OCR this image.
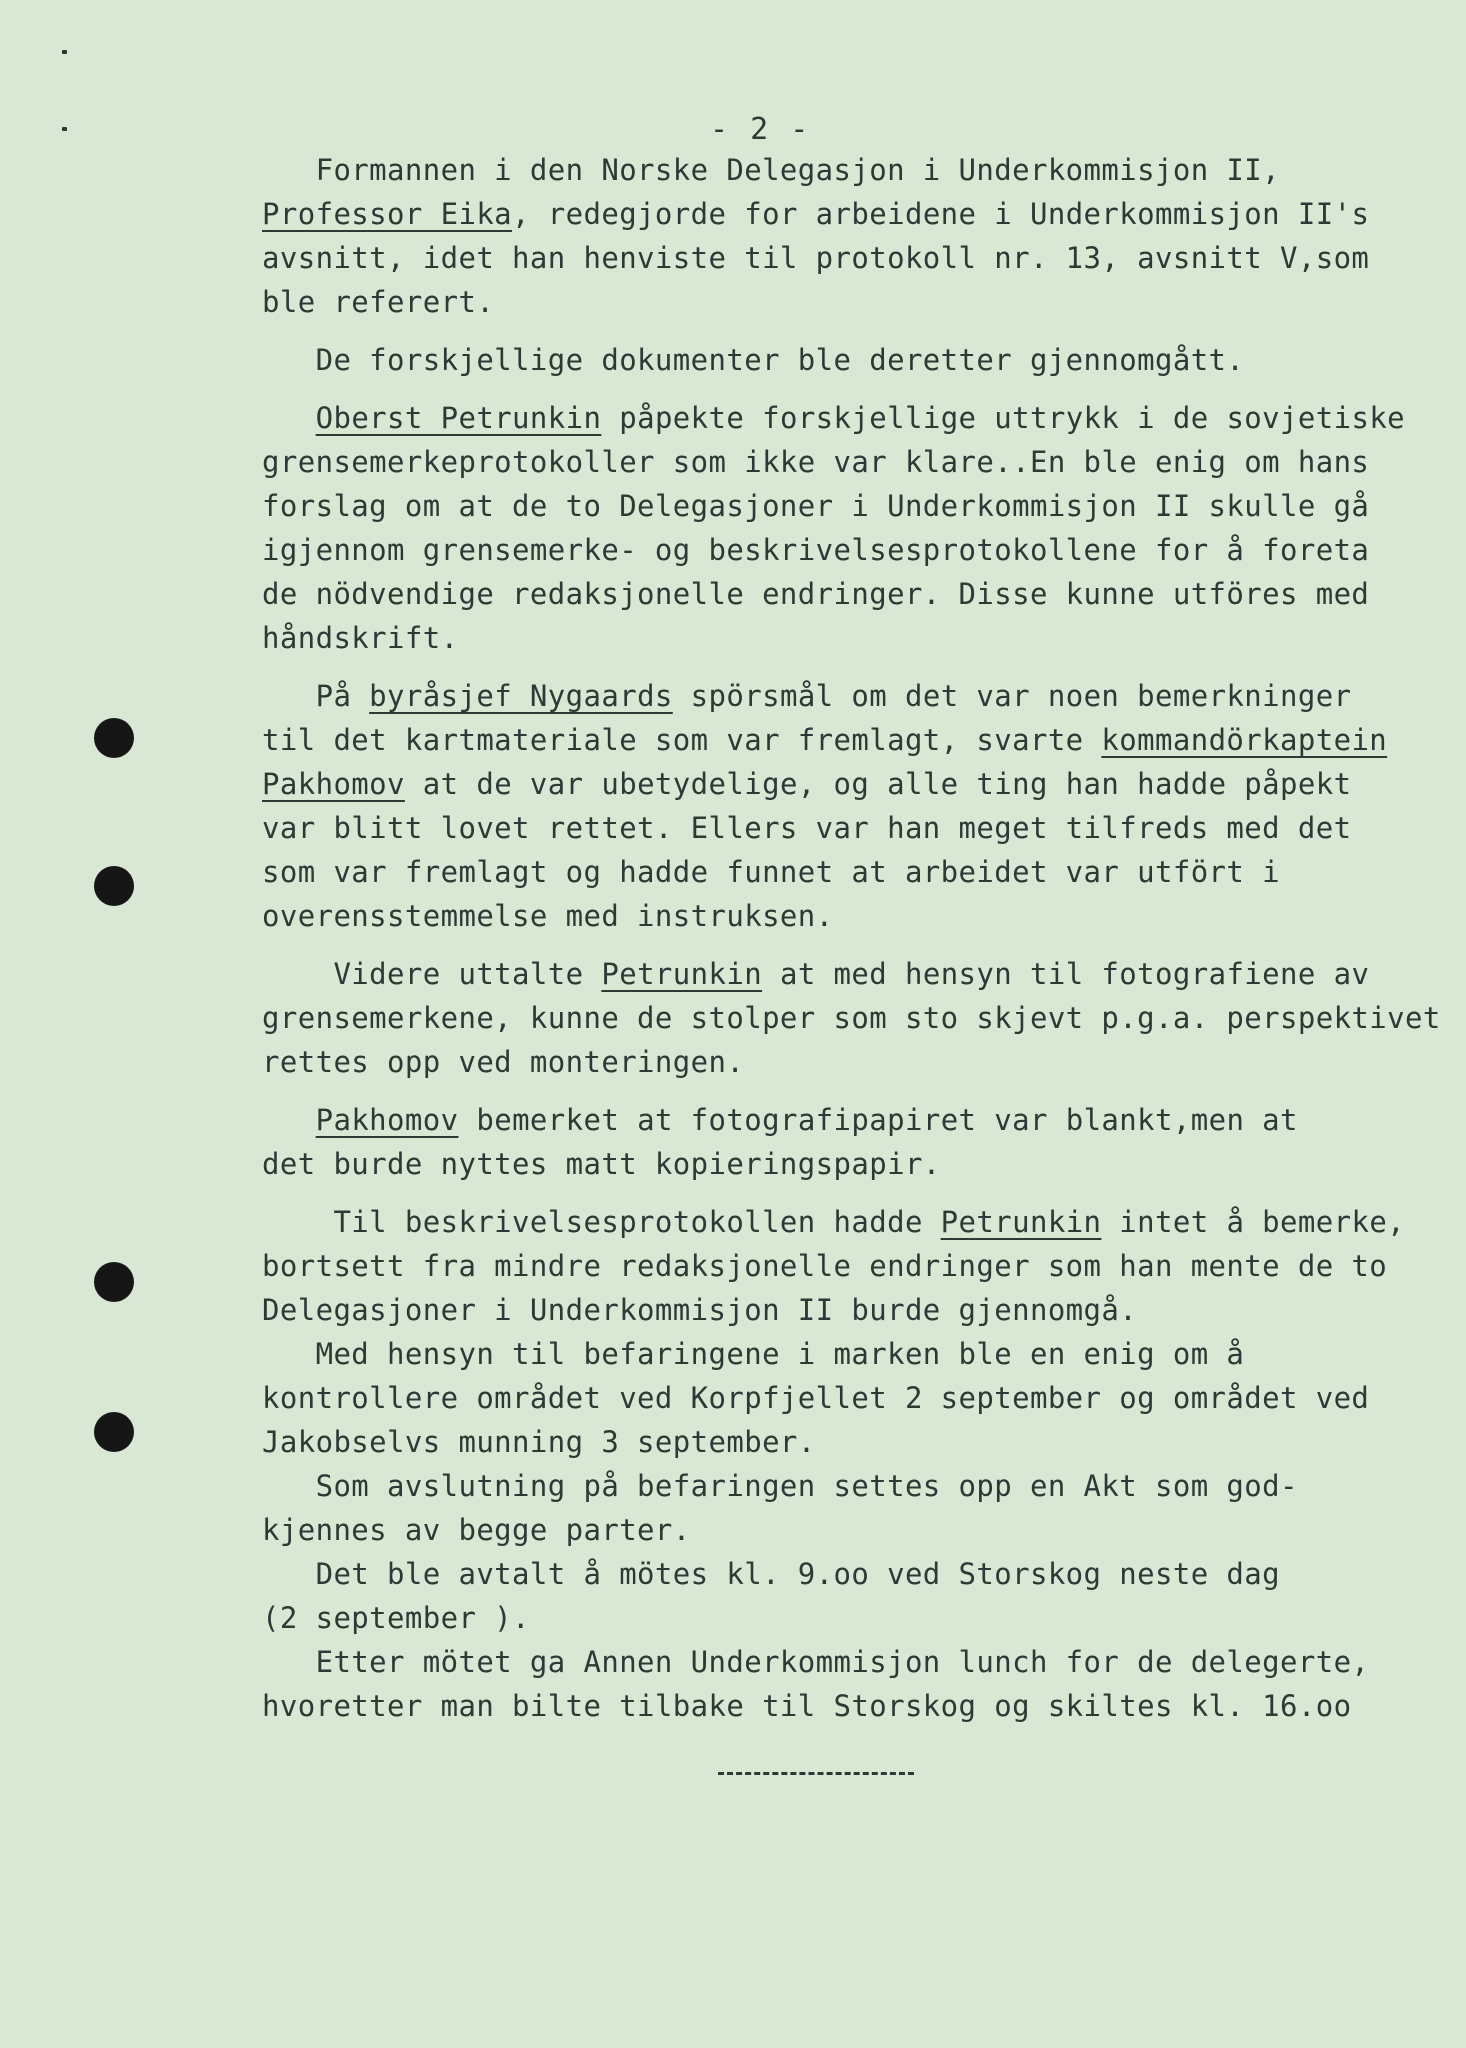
- 2 -

Formannen i den Norske Delegasjon i Underkommisjon II,

Professor Eika, redegjorde for arbeidene i Underkommisjon II's

avsnitt, idet han henviste til protokoll nr. 13, avsnitt V,som

ble referert.

De forskjellige dokumenter ble deretter gjennomgått.

Oberst Petrunkin påpekte forskjellige uttrykk i de sovjetiske

grensemerkeprotokoller som ikke var klare..En ble enig om hans

forslag om at de to Delegasjoner i Underkommisjon II skulle gå

igjennom grensemerke- og beskrivelsesprotokollene for å foreta

de nödvendige redaksjonelle endringer. Disse kunne utföres med

håndskrift.

På byråsjef Nygaards spörsmål om det var noen bemerkninger

til det kartmateriale som var fremlagt, svarte kommandörkaptein

Pakhomov at de var ubetydelige, og alle ting han hadde påpekt

var blitt lovet rettet. Ellers var han meget tilfreds med det

som var fremlagt og hadde funnet at arbeidet var utfört i

overensstemmelse med instruksen.

Videre uttalte Petrunkin at med hensyn til fotografiene av

grensemerkene, kunne de stolper som sto skjevt p.g.a. perspektivet

rettes opp ved monteringen.

Pakhomov bemerket at fotografipapiret var blankt,men at

det burde nyttes matt kopieringspapir.

Til beskrivelsesprotokollen hadde Petrunkin intet å bemerke,

bortsett fra mindre redaksjonelle endringer som han mente de to

Delegasjoner i Underkommisjon II burde gjennomgå.

Med hensyn til befaringene i marken ble en enig om å

kontrollere området ved Korpfjellet 2 september og området ved

Jakobselvs munning 3 september.

Som avslutning på befaringen settes opp en Akt som god-

kjennes av begge parter.

Det ble avtalt å mötes kl. 9.oo ved Storskog neste dag

(2 september ).

Etter mötet ga Annen Underkommisjon lunch for de delegerte,

hvoretter man bilte tilbake til Storskog og skiltes kl. 16.oo
